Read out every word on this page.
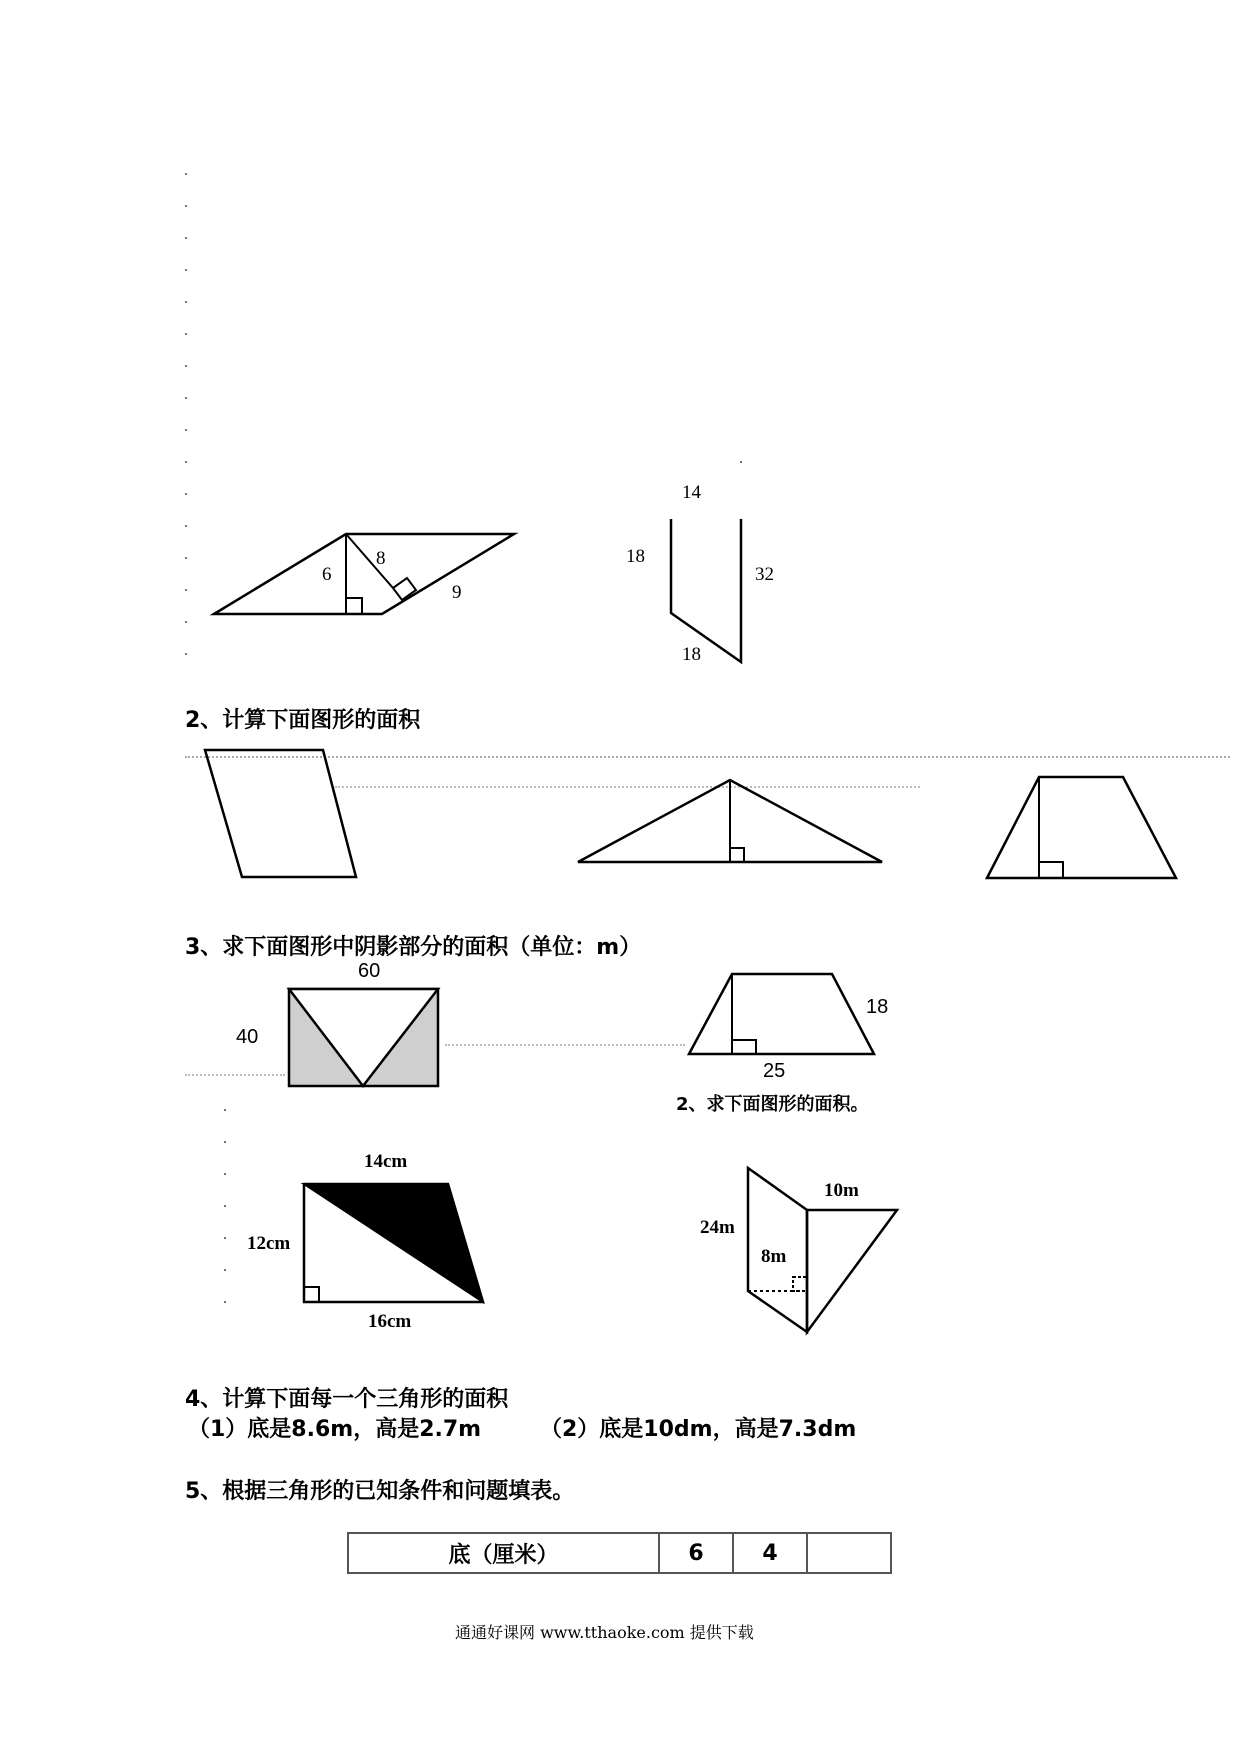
6
8
9
14
18
32
18
2、计算下面图形的面积
3、求下面图形中阴影部分的面积（单位：m）
60
40
18
25
2、求下面图形的面积。
14cm
12cm
16cm
24m
10m
8m
4、计算下面每一个三角形的面积
（1）底是8.6m，高是2.7m	（2）底是10dm，高是7.3dm
5、根据三角形的已知条件和问题填表。
底（厘米）	6	4	
通通好课网 www.tthaoke.com 提供下载
